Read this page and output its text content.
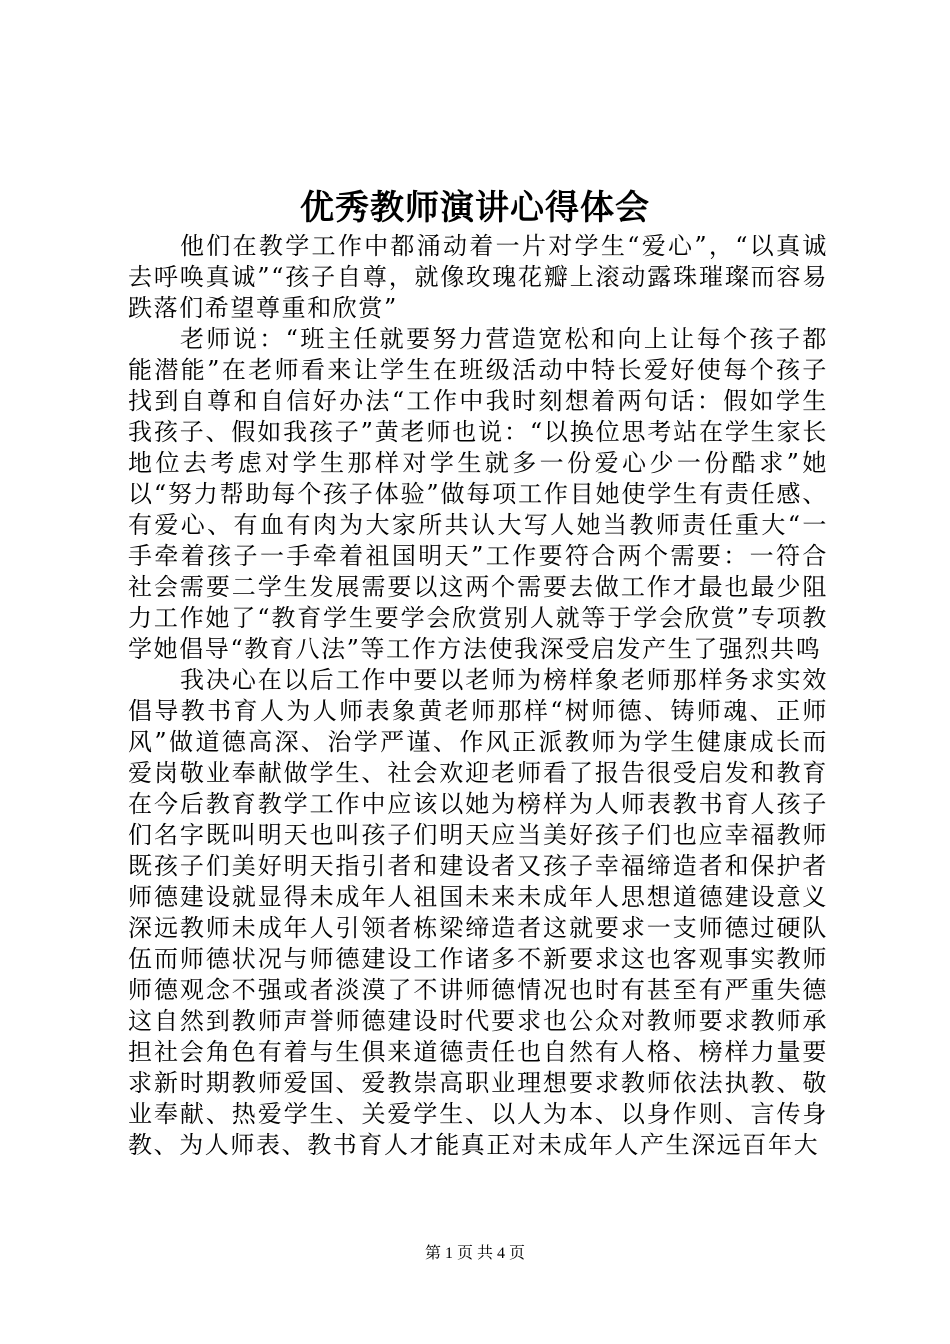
优秀教师演讲心得体会

他们在教学工作中都涌动着一片对学生“爱心”，“以真诚去呼唤真诚”“孩子自尊，就像玫瑰花瓣上滚动露珠璀璨而容易跌落们希望尊重和欣赏”

老师说：“班主任就要努力营造宽松和向上让每个孩子都能潜能”在老师看来让学生在班级活动中特长爱好使每个孩子找到自尊和自信好办法“工作中我时刻想着两句话：假如学生我孩子、假如我孩子”黄老师也说：“以换位思考站在学生家长地位去考虑对学生那样对学生就多一份爱心少一份酷求”她以“努力帮助每个孩子体验”做每项工作目她使学生有责任感、有爱心、有血有肉为大家所共认大写人她当教师责任重大“一手牵着孩子一手牵着祖国明天”工作要符合两个需要：一符合社会需要二学生发展需要以这两个需要去做工作才最也最少阻力工作她了“教育学生要学会欣赏别人就等于学会欣赏”专项教学她倡导“教育八法”等工作方法使我深受启发产生了强烈共鸣

我决心在以后工作中要以老师为榜样象老师那样务求实效倡导教书育人为人师表象黄老师那样“树师德、铸师魂、正师风”做道德高深、治学严谨、作风正派教师为学生健康成长而爱岗敬业奉献做学生、社会欢迎老师看了报告很受启发和教育在今后教育教学工作中应该以她为榜样为人师表教书育人孩子们名字既叫明天也叫孩子们明天应当美好孩子们也应幸福教师既孩子们美好明天指引者和建设者又孩子幸福缔造者和保护者师德建设就显得未成年人祖国未来未成年人思想道德建设意义深远教师未成年人引领者栋梁缔造者这就要求一支师德过硬队伍而师德状况与师德建设工作诸多不新要求这也客观事实教师师德观念不强或者淡漠了不讲师德情况也时有甚至有严重失德这自然到教师声誉师德建设时代要求也公众对教师要求教师承担社会角色有着与生俱来道德责任也自然有人格、榜样力量要求新时期教师爱国、爱教崇高职业理想要求教师依法执教、敬业奉献、热爱学生、关爱学生、以人为本、以身作则、言传身教、为人师表、教书育人才能真正对未成年人产生深远百年大

第 1 页 共 4 页
